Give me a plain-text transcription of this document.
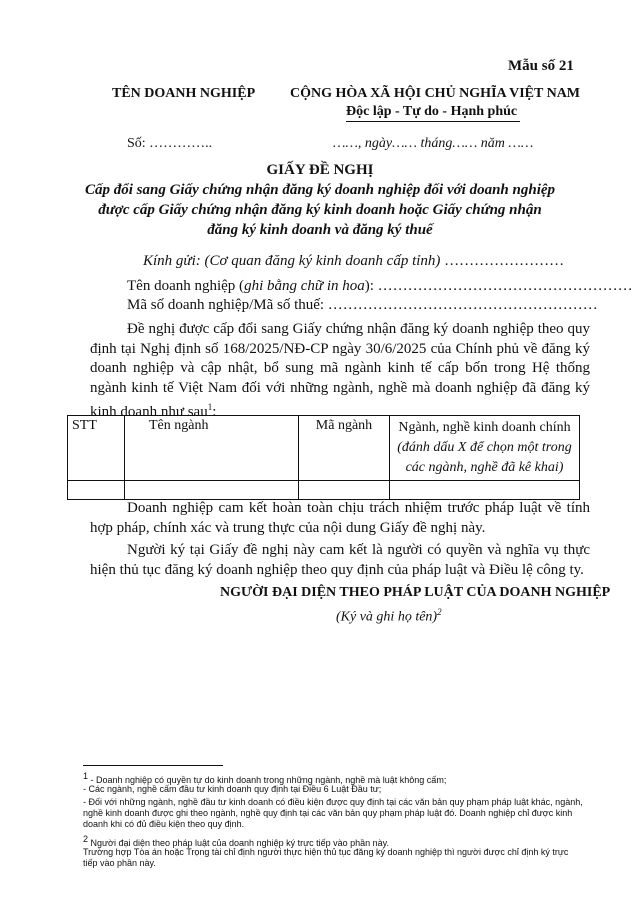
Mẫu số 21
TÊN DOANH NGHIỆP CỘNG HÒA XÃ HỘI CHỦ NGHĨA VIỆT NAM
Độc lập - Tự do - Hạnh phúc
Số: …………..	……, ngày…… tháng…… năm ……
GIẤY ĐỀ NGHỊ
Cấp đổi sang Giấy chứng nhận đăng ký doanh nghiệp đối với doanh nghiệp
được cấp Giấy chứng nhận đăng ký kinh doanh hoặc Giấy chứng nhận
đăng ký kinh doanh và đăng ký thuế
Kính gửi: (Cơ quan đăng ký kinh doanh cấp tỉnh) ……………………
Tên doanh nghiệp (ghi bằng chữ in hoa): ……………………………………………
Mã số doanh nghiệp/Mã số thuế: ………………………………………………
Đề nghị được cấp đổi sang Giấy chứng nhận đăng ký doanh nghiệp theo quy định tại Nghị định số 168/2025/NĐ-CP ngày 30/6/2025 của Chính phủ về đăng ký doanh nghiệp và cập nhật, bổ sung mã ngành kinh tế cấp bốn trong Hệ thống ngành kinh tế Việt Nam đối với những ngành, nghề mà doanh nghiệp đã đăng ký kinh doanh như sau$^1$:
STT	Tên ngành	Mã ngành	Ngành, nghề kinh doanh chính
(đánh dấu X để chọn một trong các ngành, nghề đã kê khai)

Doanh nghiệp cam kết hoàn toàn chịu trách nhiệm trước pháp luật về tính hợp pháp, chính xác và trung thực của nội dung Giấy đề nghị này.
Người ký tại Giấy đề nghị này cam kết là người có quyền và nghĩa vụ thực hiện thủ tục đăng ký doanh nghiệp theo quy định của pháp luật và Điều lệ công ty.
NGƯỜI ĐẠI DIỆN THEO PHÁP LUẬT CỦA DOANH NGHIỆP
(Ký và ghi họ tên)$^2$
$^1$ - Doanh nghiệp có quyền tự do kinh doanh trong những ngành, nghề mà luật không cấm;
- Các ngành, nghề cấm đầu tư kinh doanh quy định tại Điều 6 Luật Đầu tư;
- Đối với những ngành, nghề đầu tư kinh doanh có điều kiện được quy định tại các văn bản quy phạm pháp luật khác, ngành, nghề kinh doanh được ghi theo ngành, nghề quy định tại các văn bản quy phạm pháp luật đó. Doanh nghiệp chỉ được kinh doanh khi có đủ điều kiện theo quy định.
$^2$ Người đại diện theo pháp luật của doanh nghiệp ký trực tiếp vào phần này.
Trường hợp Tòa án hoặc Trọng tài chỉ định người thực hiện thủ tục đăng ký doanh nghiệp thì người được chỉ định ký trực tiếp vào phần này.
